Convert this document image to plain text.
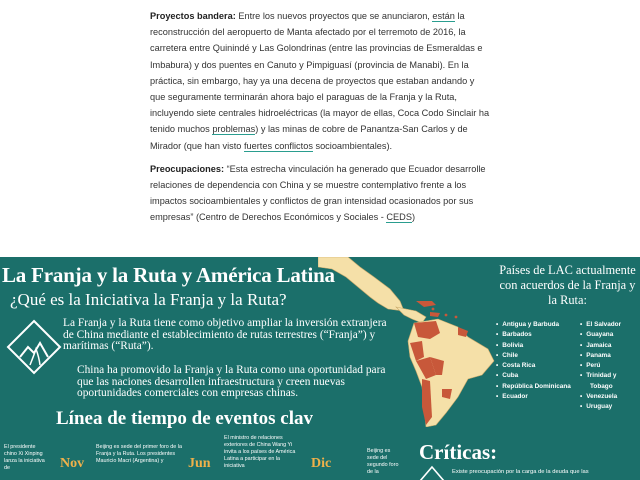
Proyectos bandera: Entre los nuevos proyectos que se anunciaron, están la reconstrucción del aeropuerto de Manta afectado por el terremoto de 2016, la carretera entre Quinindé y Las Golondrinas (entre las provincias de Esmeraldas e Imbabura) y dos puentes en Canuto y Pimpiguasí (provincia de Manabi). En la práctica, sin embargo, hay ya una decena de proyectos que estaban andando y que seguramente terminarán ahora bajo el paraguas de la Franja y la Ruta, incluyendo siete centrales hidroeléctricas (la mayor de ellas, Coca Codo Sinclair ha tenido muchos problemas) y las minas de cobre de Panantza-San Carlos y de Mirador (que han visto fuertes conflictos socioambientales).

Preocupaciones: “Esta estrecha vinculación ha generado que Ecuador desarrolle relaciones de dependencia con China y se muestre contemplativo frente a los impactos socioambientales y conflictos de gran intensidad ocasionados por sus empresas” (Centro de Derechos Económicos y Sociales - CEDS)

La Franja y la Ruta y América Latina
¿Qué es la Iniciativa la Franja y la Ruta?
La Franja y la Ruta tiene como objetivo ampliar la inversión extranjera de China mediante el establecimiento de rutas terrestres (“Franja”) y marítimas (“Ruta”).
China ha promovido la Franja y la Ruta como una oportunidad para que las naciones desarrollen infraestructura y creen nuevas oportunidades comerciales con empresas chinas.
Línea de tiempo de eventos clav
El presidente chino Xi Xinping lanza la iniciativa de	Nov
Beijing es sede del primer foro de la Franja y la Ruta. Los presidentes Mauricio Macri (Argentina) y	Jun
El ministro de relaciones exteriores de China Wang Yi invita a los países de América Latina a participar en la iniciativa	Dic
Beijing es sede del segundo foro de la
Críticas:
Existe preocupación por la carga de la deuda que las
Países de LAC actualmente con acuerdos de la Franja y la Ruta:
• Antigua y Barbuda
• Barbados
• Bolivia
• Chile
• Costa Rica
• Cuba
• República Dominicana
• Ecuador
• El Salvador
• Guayana
• Jamaica
• Panama
• Perú
• Trinidad y
Tobago
• Venezuela
• Uruguay
